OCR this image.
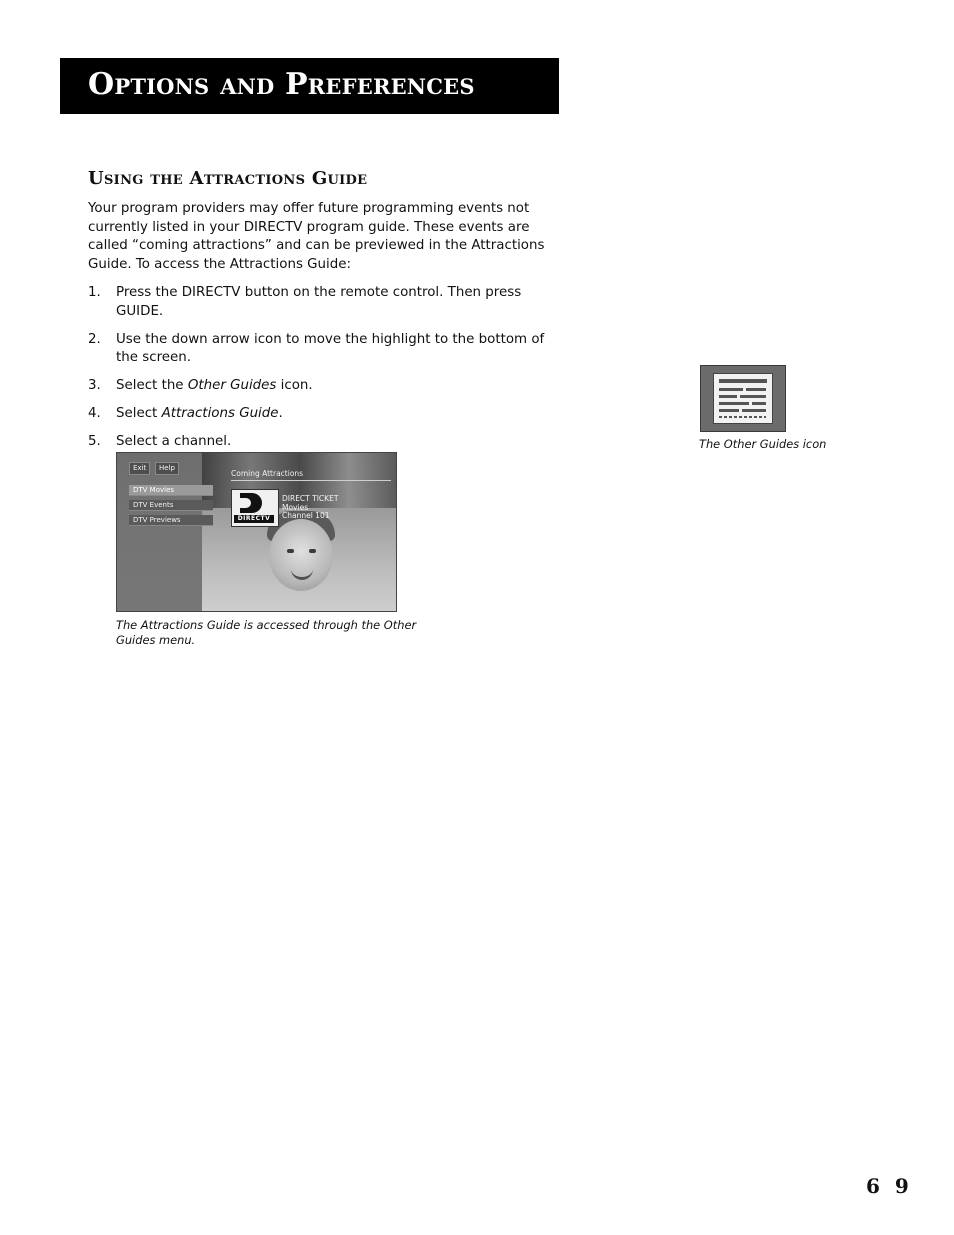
Options and Preferences
Using the Attractions Guide

Your program providers may offer future programming events not currently listed in your DIRECTV program guide. These events are called “coming attractions” and can be previewed in the Attractions Guide. To access the Attractions Guide:

1. Press the DIRECTV button on the remote control. Then press GUIDE.
2. Use the down arrow icon to move the highlight to the bottom of the screen.
3. Select the Other Guides icon.
4. Select Attractions Guide.
5. Select a channel.
Exit	Help
DTV Movies
DTV Events
DTV Previews
Coming Attractions
DIRECTV
DIRECT TICKET
Movies
Channel 101
The Attractions Guide is accessed through the Other Guides menu.
The Other Guides icon
6 9
